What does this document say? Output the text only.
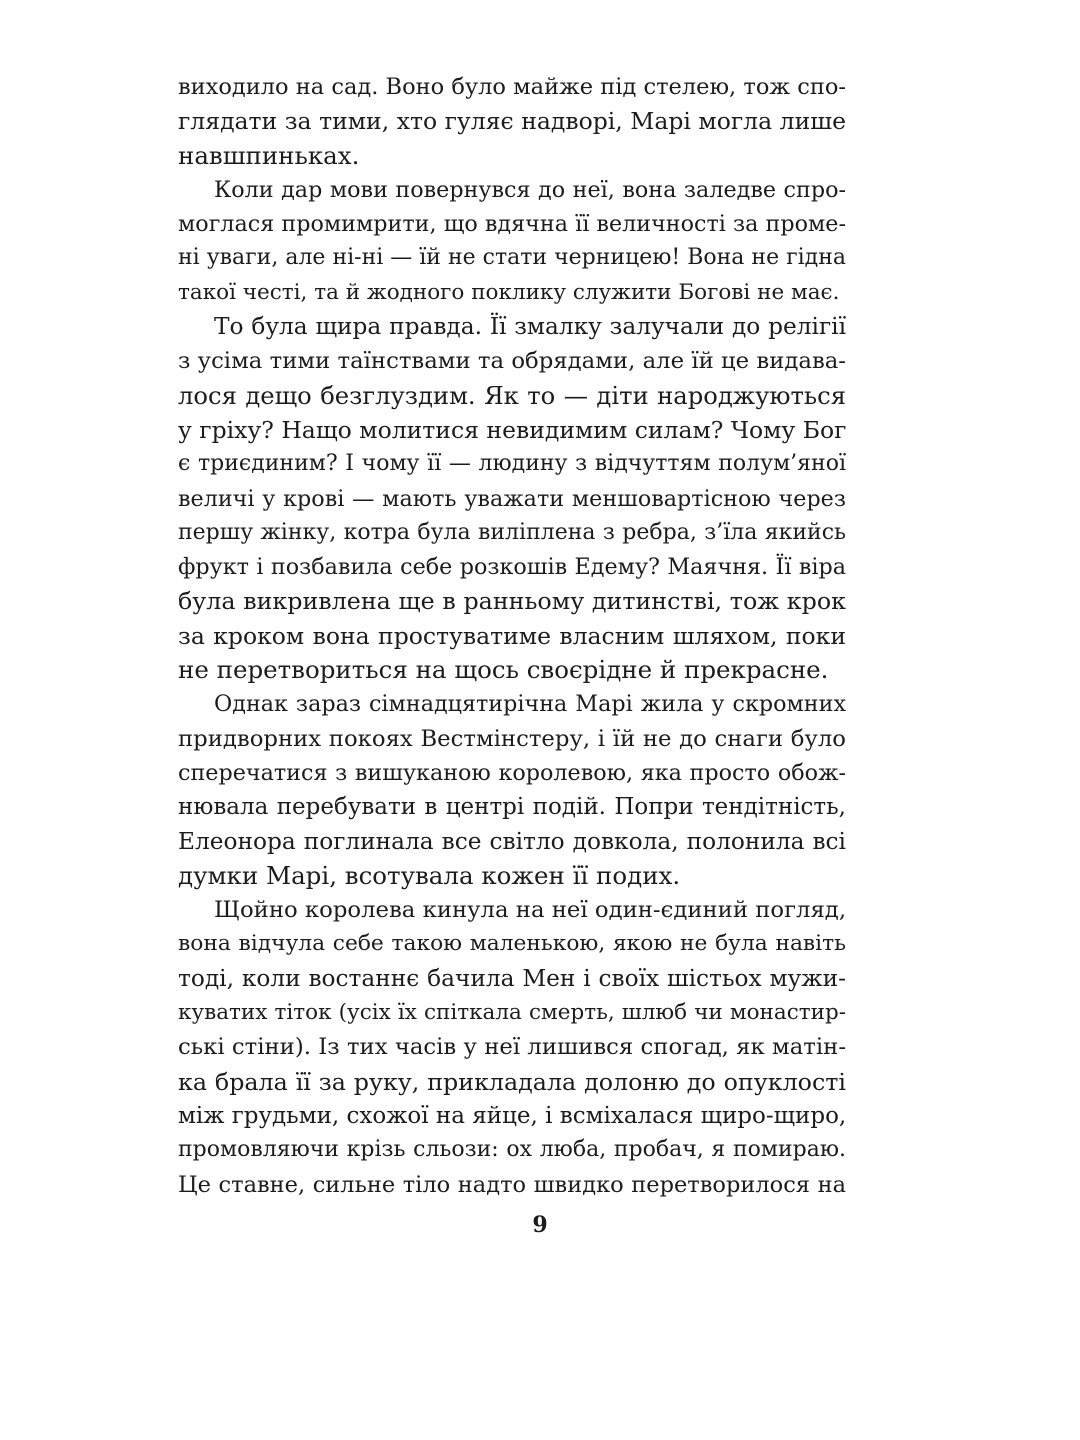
виходило на сад. Воно було майже під стелею, тож спо-
глядати за тими, хто гуляє надворі, Марі могла лише
навшпиньках.
Коли дар мови повернувся до неї, вона заледве спро-
моглася промимрити, що вдячна її величності за проме-
ні уваги, але ні-ні — їй не стати черницею! Вона не гідна
такої честі, та й жодного поклику служити Богові не має.
То була щира правда. Її змалку залучали до релігії
з усіма тими таїнствами та обрядами, але їй це видава-
лося дещо безглуздим. Як то — діти народжуються
у гріху? Нащо молитися невидимим силам? Чому Бог
є триєдиним? І чому її — людину з відчуттям полум’яної
величі у крові — мають уважати меншовартісною через
першу жінку, котра була виліплена з ребра, з’їла якийсь
фрукт і позбавила себе розкошів Едему? Маячня. Її віра
була викривлена ще в ранньому дитинстві, тож крок
за кроком вона простуватиме власним шляхом, поки
не перетвориться на щось своєрідне й прекрасне.
Однак зараз сімнадцятирічна Марі жила у скромних
придворних покоях Вестмінстеру, і їй не до снаги було
сперечатися з вишуканою королевою, яка просто обож-
нювала перебувати в центрі подій. Попри тендітність,
Елеонора поглинала все світло довкола, полонила всі
думки Марі, всотувала кожен її подих.
Щойно королева кинула на неї один-єдиний погляд,
вона відчула себе такою маленькою, якою не була навіть
тоді, коли востаннє бачила Мен і своїх шістьох мужи-
куватих тіток (усіх їх спіткала смерть, шлюб чи монастир-
ські стіни). Із тих часів у неї лишився спогад, як матін-
ка брала її за руку, прикладала долоню до опуклості
між грудьми, схожої на яйце, і всміхалася щиро-щиро,
промовляючи крізь сльози: ох люба, пробач, я помираю.
Це ставне, сильне тіло надто швидко перетворилося на
9
